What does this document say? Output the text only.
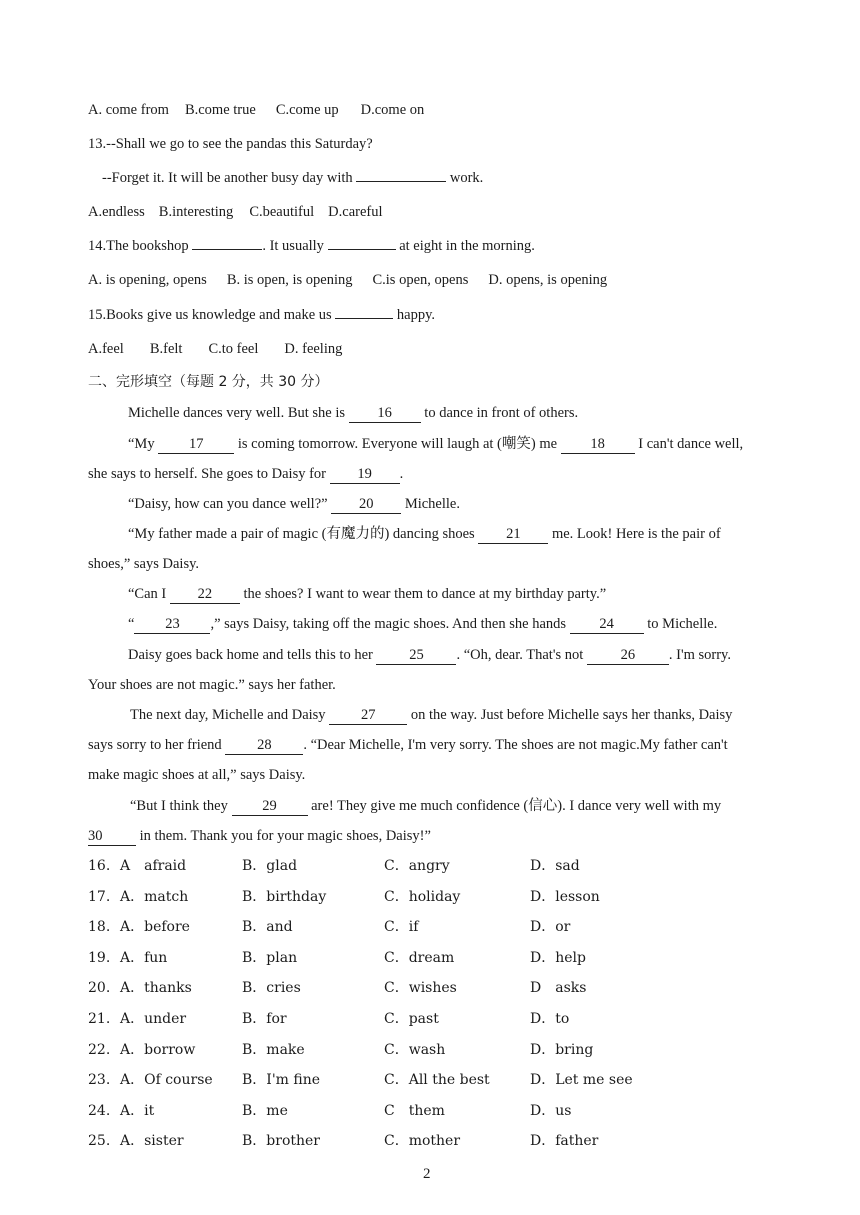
A. come from B.come true C.come up D.come on
13.--Shall we go to see the pandas this Saturday?
--Forget it. It will be another busy day with	work.
A.endless B.interesting C.beautiful D.careful
14.The bookshop	. It usually	at eight in the morning.
A. is opening, opens B. is open, is opening C.is open, opens D. opens, is opening
15.Books give us knowledge and make us	happy.
A.feel B.felt C.to feel D. feeling
二、完形填空（每题 2 分，共 30 分）
Michelle dances very well. But she is 16 to dance in front of others.
“My 17 is coming tomorrow. Everyone will laugh at (嘲笑) me 18 I can't dance well,
she says to herself. She goes to Daisy for 19 .
“Daisy, how can you dance well?” 20 Michelle.
“My father made a pair of magic (有魔力的) dancing shoes 21 me. Look! Here is the pair of
shoes,” says Daisy.
“Can I 22 the shoes? I want to wear them to dance at my birthday party.”
“ 23 ,” says Daisy, taking off the magic shoes. And then she hands 24 to Michelle.
Daisy goes back home and tells this to her	25 . “Oh, dear. That's not	26 . I'm sorry.
Your shoes are not magic.” says her father.
The next day, Michelle and Daisy 27 on the way. Just before Michelle says her thanks, Daisy
says sorry to her friend 28 . “Dear Michelle, I'm very sorry. The shoes are not magic.My father can't
make magic shoes at all,” says Daisy.
“But I think they 29 are! They give me much confidence (信心). I dance very well with my
30	in them. Thank you for your magic shoes, Daisy!”
16. A　afraid	B．glad	C．angry	D．sad
17. A．match	B．birthday	C．holiday	D．lesson
18. A．before	B．and	C．if	D．or
19. A．fun	B．plan	C．dream	D．help
20. A．thanks	B．cries	C．wishes	D　asks
21. A．under	B．for	C．past	D．to
22. A．borrow	B．make	C．wash	D．bring
23. A．Of course B．I'm fine	C．All the best	D．Let me see
24. A．it	B．me	C　them	D．us
25. A．sister	B．brother	C．mother	D．father
2
